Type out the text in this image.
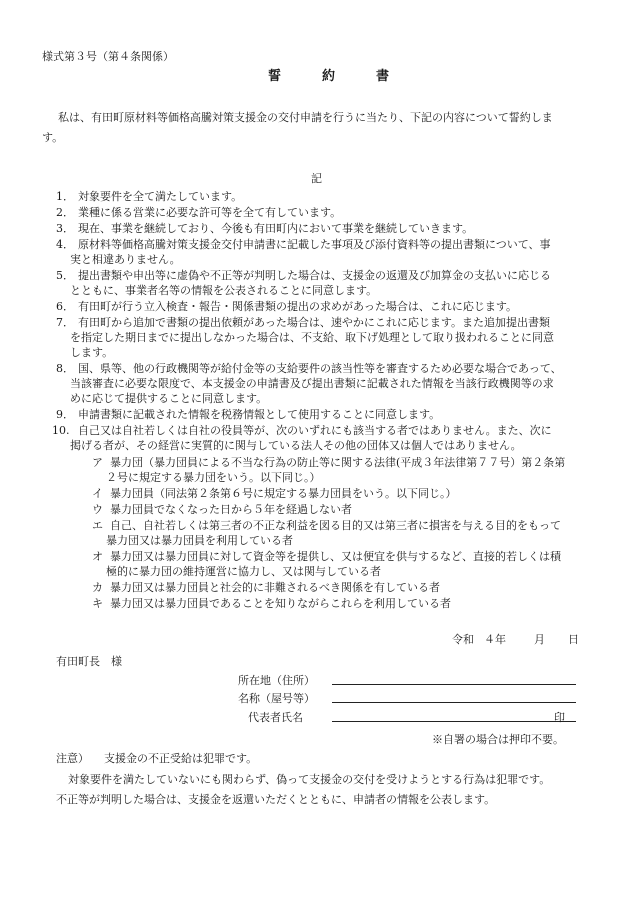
様式第３号（第４条関係）
誓　約　書
私は、有田町原材料等価格高騰対策支援金の交付申請を行うに当たり、下記の内容について誓約しま
す。
記
1． 対象要件を全て満たしています。
2． 業種に係る営業に必要な許可等を全て有しています。
3． 現在、事業を継続しており、今後も有田町内において事業を継続していきます。
4． 原材料等価格高騰対策支援金交付申請書に記載した事項及び添付資料等の提出書類について、事
実と相違ありません。
5． 提出書類や申出等に虚偽や不正等が判明した場合は、支援金の返還及び加算金の支払いに応じる
とともに、事業者名等の情報を公表されることに同意します。
6． 有田町が行う立入検査・報告・関係書類の提出の求めがあった場合は、これに応じます。
7． 有田町から追加で書類の提出依頼があった場合は、速やかにこれに応じます。また追加提出書類
を指定した期日までに提出しなかった場合は、不支給、取下げ処理として取り扱われることに同意
します。
8． 国、県等、他の行政機関等が給付金等の支給要件の該当性等を審査するため必要な場合であって、
当該審査に必要な限度で、本支援金の申請書及び提出書類に記載された情報を当該行政機関等の求
めに応じて提供することに同意します。
9． 申請書類に記載された情報を税務情報として使用することに同意します。
10. 自己又は自社若しくは自社の役員等が、次のいずれにも該当する者ではありません。また、次に
掲げる者が、その経営に実質的に関与している法人その他の団体又は個人ではありません。
ア 暴力団（暴力団員による不当な行為の防止等に関する法律(平成３年法律第７７号）第２条第
２号に規定する暴力団をいう。以下同じ。）
イ 暴力団員（同法第２条第６号に規定する暴力団員をいう。以下同じ。）
ウ 暴力団員でなくなった日から５年を経過しない者
エ 自己、自社若しくは第三者の不正な利益を図る目的又は第三者に損害を与える目的をもって
暴力団又は暴力団員を利用している者
オ 暴力団又は暴力団員に対して資金等を提供し、又は便宜を供与するなど、直接的若しくは積
極的に暴力団の維持運営に協力し、又は関与している者
カ 暴力団又は暴力団員と社会的に非難されるべき関係を有している者
キ 暴力団又は暴力団員であることを知りながらこれらを利用している者
令和 ４年	月 日
有田町長　様
所在地（住所）
名称（屋号等）
代表者氏名	印
※自署の場合は押印不要。
注意） 支援金の不正受給は犯罪です。
対象要件を満たしていないにも関わらず、偽って支援金の交付を受けようとする行為は犯罪です。
不正等が判明した場合は、支援金を返還いただくとともに、申請者の情報を公表します。
